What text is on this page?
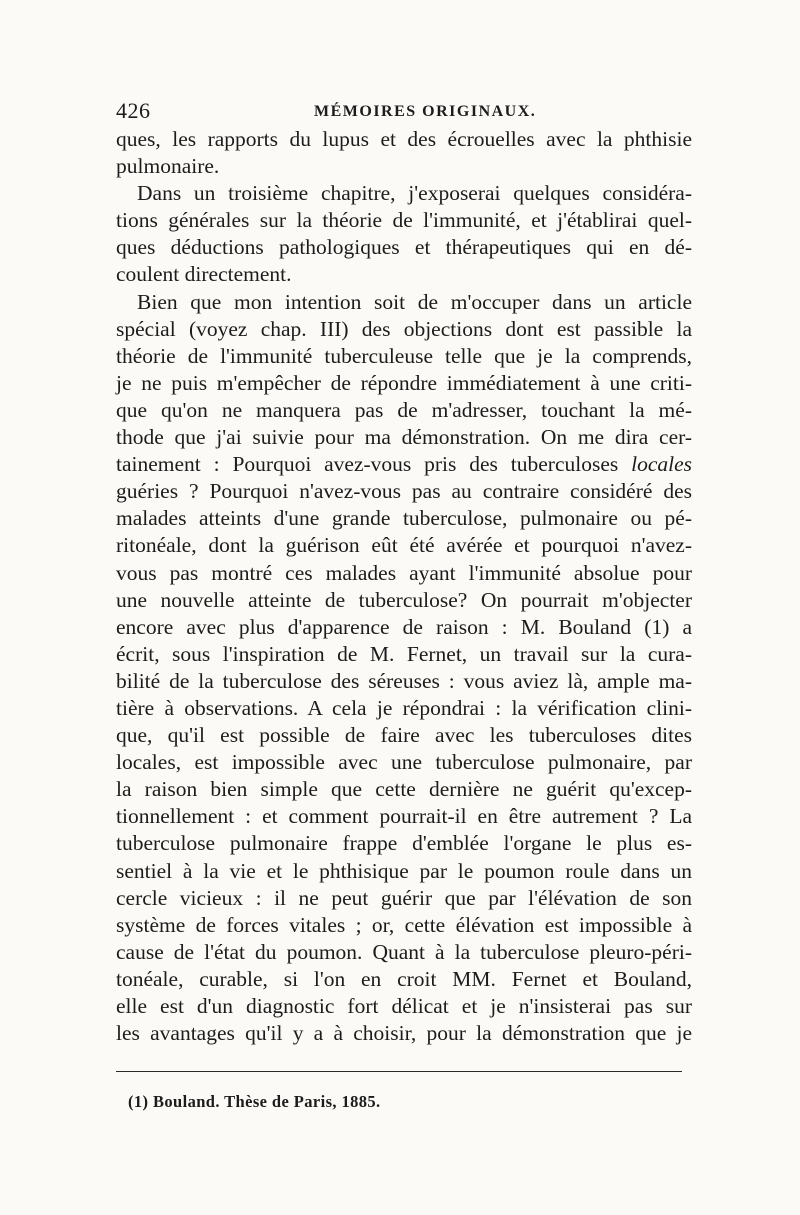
426	MÉMOIRES ORIGINAUX.
ques, les rapports du lupus et des écrouelles avec la phthisie
pulmonaire.
Dans un troisième chapitre, j'exposerai quelques considéra-
tions générales sur la théorie de l'immunité, et j'établirai quel-
ques déductions pathologiques et thérapeutiques qui en dé-
coulent directement.
Bien que mon intention soit de m'occuper dans un article
spécial (voyez chap. III) des objections dont est passible la
théorie de l'immunité tuberculeuse telle que je la comprends,
je ne puis m'empêcher de répondre immédiatement à une criti-
que qu'on ne manquera pas de m'adresser, touchant la mé-
thode que j'ai suivie pour ma démonstration. On me dira cer-
tainement : Pourquoi avez-vous pris des tuberculoses locales
guéries ? Pourquoi n'avez-vous pas au contraire considéré des
malades atteints d'une grande tuberculose, pulmonaire ou pé-
ritonéale, dont la guérison eût été avérée et pourquoi n'avez-
vous pas montré ces malades ayant l'immunité absolue pour
une nouvelle atteinte de tuberculose? On pourrait m'objecter
encore avec plus d'apparence de raison : M. Bouland (1) a
écrit, sous l'inspiration de M. Fernet, un travail sur la cura-
bilité de la tuberculose des séreuses : vous aviez là, ample ma-
tière à observations. A cela je répondrai : la vérification clini-
que, qu'il est possible de faire avec les tuberculoses dites
locales, est impossible avec une tuberculose pulmonaire, par
la raison bien simple que cette dernière ne guérit qu'excep-
tionnellement : et comment pourrait-il en être autrement ? La
tuberculose pulmonaire frappe d'emblée l'organe le plus es-
sentiel à la vie et le phthisique par le poumon roule dans un
cercle vicieux : il ne peut guérir que par l'élévation de son
système de forces vitales ; or, cette élévation est impossible à
cause de l'état du poumon. Quant à la tuberculose pleuro-péri-
tonéale, curable, si l'on en croit MM. Fernet et Bouland,
elle est d'un diagnostic fort délicat et je n'insisterai pas sur
les avantages qu'il y a à choisir, pour la démonstration que je
(1) Bouland. Thèse de Paris, 1885.
